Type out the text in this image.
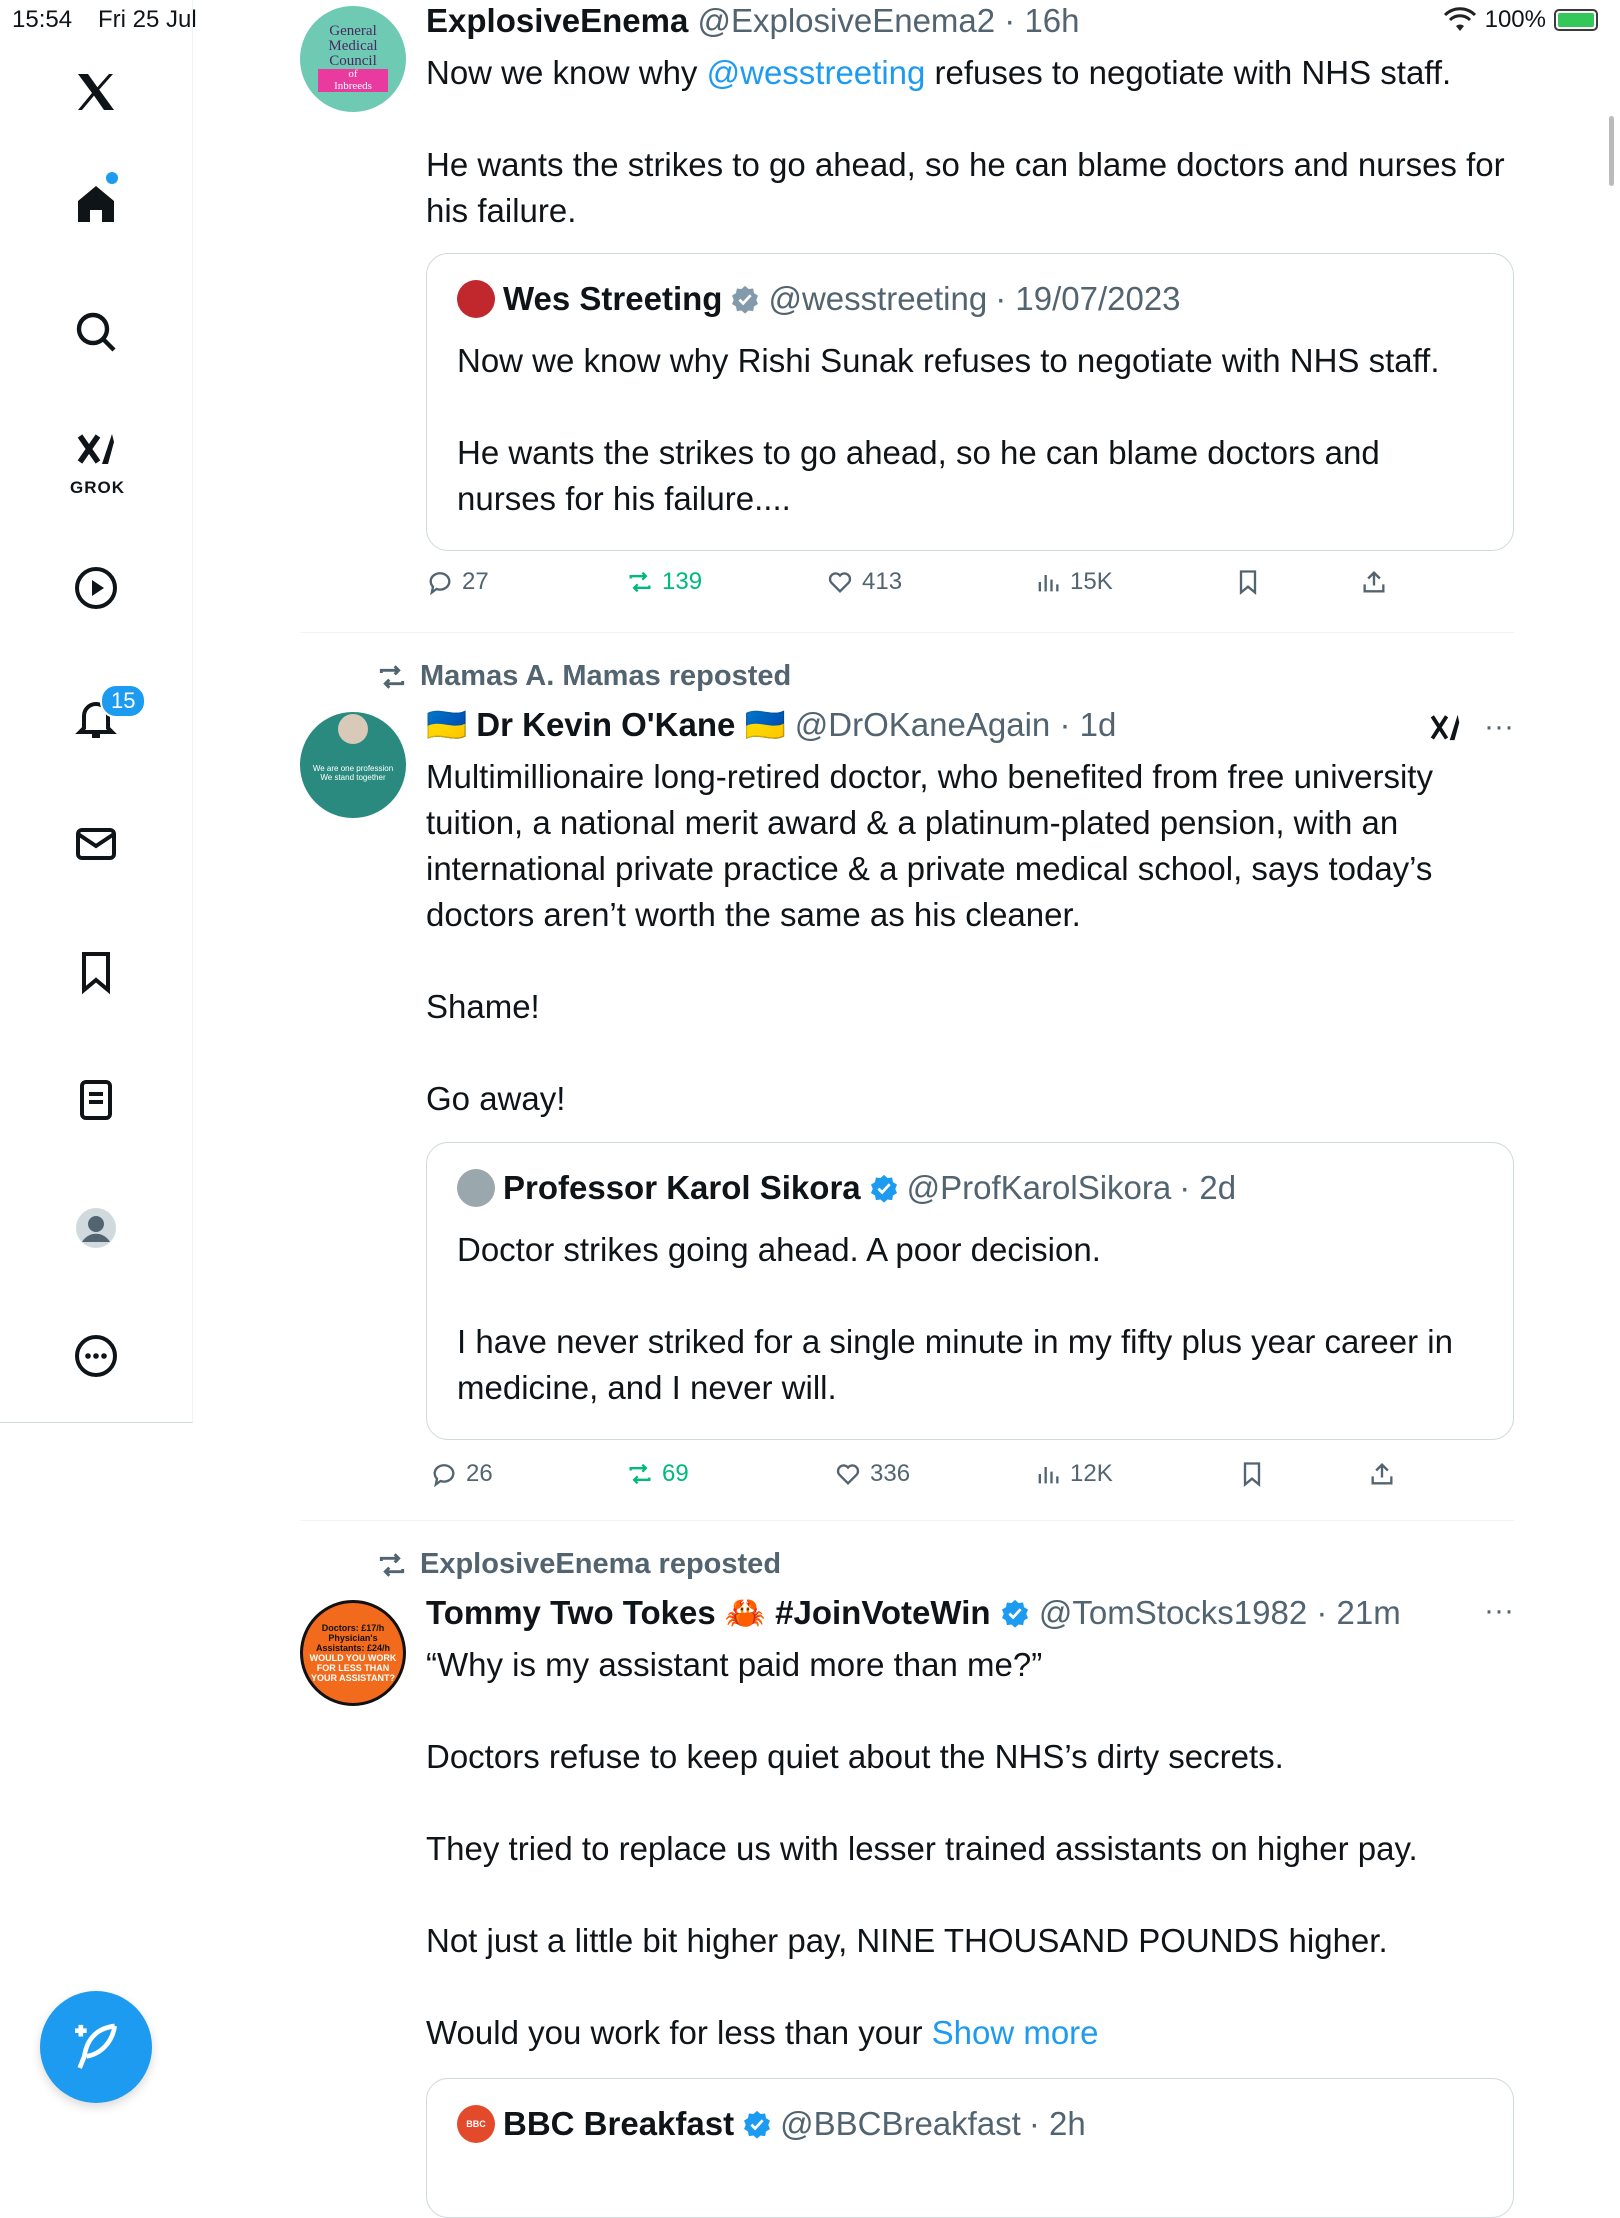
15:54 Fri 25 Jul	100%
GROK
15
General
Medical
Council
of
Inbreeds
ExplosiveEnema @ExplosiveEnema2 · 16h

Now we know why @wesstreeting refuses to negotiate with NHS staff.

He wants the strikes to go ahead, so he can blame doctors and nurses for his failure.

Wes Streeting @wesstreeting · 19/07/2023

Now we know why Rishi Sunak refuses to negotiate with NHS staff.

He wants the strikes to go ahead, so he can blame doctors and nurses for his failure....

27	139	413	15K
Mamas A. Mamas reposted
We are one profession
We stand together
🇺🇦 Dr Kevin O'Kane 🇺🇦 @DrOKaneAgain · 1d	···

Multimillionaire long-retired doctor, who benefited from free university tuition, a national merit award & a platinum-plated pension, with an international private practice & a private medical school, says today’s doctors aren’t worth the same as his cleaner.

Shame!

Go away!

Professor Karol Sikora @ProfKarolSikora · 2d

Doctor strikes going ahead. A poor decision.

I have never striked for a single minute in my fifty plus year career in medicine, and I never will.

26	69	336	12K
ExplosiveEnema reposted
Doctors: £17/h
Physician's
Assistants: £24/h
WOULD YOU WORK
FOR LESS THAN
YOUR ASSISTANT?
Tommy Two Tokes 🦀 #JoinVoteWin @TomStocks1982 · 21m	···

“Why is my assistant paid more than me?”

Doctors refuse to keep quiet about the NHS’s dirty secrets.

They tried to replace us with lesser trained assistants on higher pay.

Not just a little bit higher pay, NINE THOUSAND POUNDS higher.

Would you work for less than your Show more

BBC BBC Breakfast @BBCBreakfast · 2h
